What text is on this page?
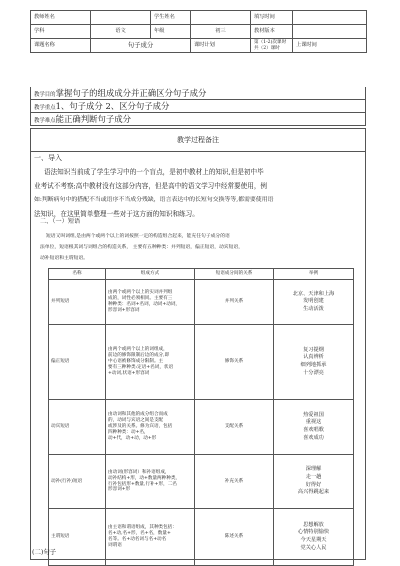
教师姓名		学生姓名		填写时间	
学科	语文	年级	初三	教材版本	
课题名称	句子成分		课时计划	第（1-2)次课时
共（2）课时	上课时间
教学目的掌握句子的组成成分并正确区分句子成分
教学重点1、句子成分 2、区分句子成分
教学难点能正确判断句子成分
教学过程备注
一、导入
语法知识当前成了学生学习中的一个盲点，是初中教材上的知识,但是初中毕
业考试不考察;高中教材没有这部分内容，但是高中的语文学习中经常要使用，例
如:判断病句中的搭配不当或语序不当成分残缺，语言表达中的长短句交换等等,都需要使用语
法知识，在这里简单整理一些对于这方面的知识和练习。
二、（一）短语
短语又叫词组,是由两个或两个以上的词按照一定的构造组合起来，能充任句子成分的语
法单位，短语根其词与词组合的构造关系， 主要有五种种类：并列短语，偏正短语，动宾短语，
动补短语和主谓短语。
名称	组成方式	短语成分间的关系	举例
并列短语	由两个或两个以上的实词并列组
成的，词性必须相同。主要有三
种种类：名词+名词，动词+动词，
形容词+形容词	并列关系	北京、天津和上海
发明创建
生动活泼

偏正短语	由两个或两个以上的词组成，
前边的修饰限制后边的成分,即
中心语被修饰成分限制。主
要有三种种类:定语+名词，状语
+动词,状语+形容词	修饰关系	复习提纲
认真辨析
细列地抓承
十分漂亮

动宾短语	由动词和其他的成分组合而成
的，动词与宾语之间是支配
或涉及的关系。修为宾语，包括
四种种类：动+名，
动+代，动+动，动+形	支配关系	热爱祖国
重视这
喜欢唱歌
喜欢成功

动补(行补)短语	由动词(形容词）和补语组成，
动补结构+形，动+数量两种种类，
行补包括形+数量,行补+形，二名
形容词+形	补充关系	深理解
走一趟
好得好
高兴得跳起来

主谓短语	由主语和谓语组成，其种类包括：
名+动,名+形，名+名，数量+
名等。名+动名词与名+动名
词谓语	陈述关系	思想解放
心情特别愉快
今天星期天
党关心人民
(二)句子
